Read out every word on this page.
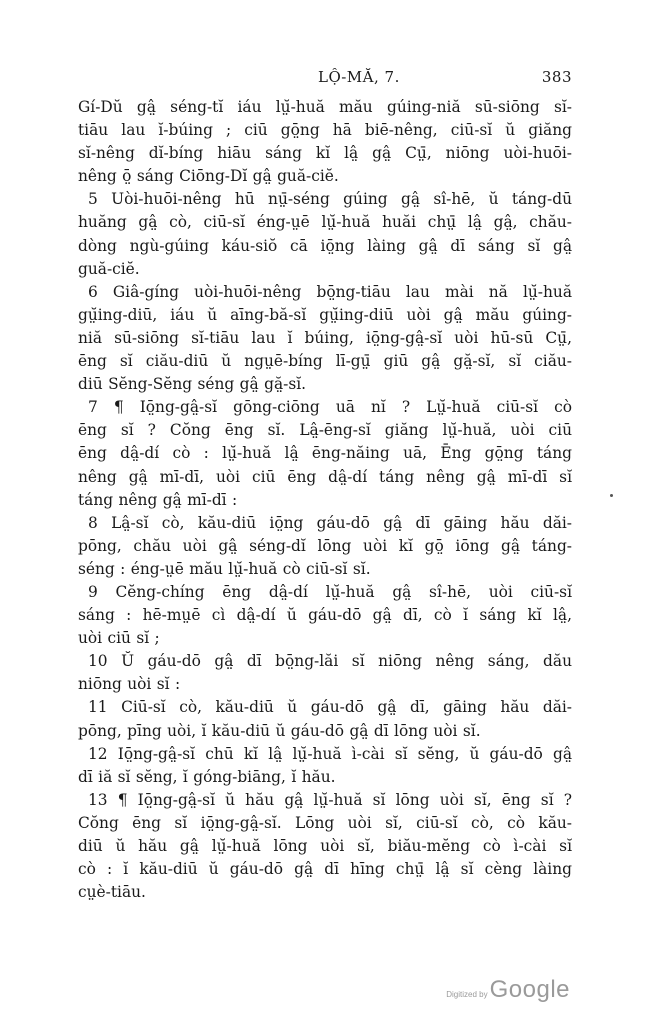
LỘ-MĂ, 7.	383
Gí-Dŭ gâ̤ séng-tĭ iáu lṳ̆-huă mău gúing-niă sū-siōng sĭ-
tiāu lau ĭ-búing ; ciū gō̤ng hā biē-nêng, ciū-sĭ ŭ giăng
sĭ-nêng dĭ-bíng hiāu sáng kĭ lâ̤ gâ̤ Cṳ̄, niōng uòi-huōi-
nêng ō̤ sáng Ciōng-Dĭ gâ̤ guă-ciĕ.
5 Uòi-huōi-nêng hū nṳ̄-séng gúing gâ̤ sî-hē, ŭ táng-dū
huăng gâ̤ cò, ciū-sĭ éng-ṳē lṳ̆-huă huăi chṳ̄ lâ̤ gâ̤, chău-
dòng ngù-gúing káu-siŏ cā iō̤ng làing gâ̤ dī sáng sĭ gâ̤
guă-ciĕ.
6 Giâ-gíng uòi-huōi-nêng bō̤ng-tiāu lau mài nă lṳ̆-huă
gṳ̆ing-diū, iáu ŭ aīng-bă-sĭ gṳ̆ing-diū uòi gâ̤ mău gúing-
niă sū-siōng sĭ-tiāu lau ĭ búing, iō̤ng-gâ̤-sĭ uòi hū-sū Cṳ̄,
ēng sĭ ciău-diū ŭ ngṳē-bíng lī-gṳ̄ giū gâ̤ gă̤-sĭ, sĭ ciău-
diū Sĕng-Sĕng séng gâ̤ gă̤-sĭ.
7 ¶ Iō̤ng-gâ̤-sĭ gōng-ciōng uā nĭ ? Lṳ̆-huă ciū-sĭ cò
ēng sĭ ? Cŏng ēng sĭ. Lâ̤-ēng-sĭ giăng lṳ̆-huă, uòi ciū
ēng dâ̤-dí cò : lṳ̆-huă lâ̤ ēng-năing uā, Ēng gō̤ng táng
nêng gâ̤ mī-dī, uòi ciū ēng dâ̤-dí táng nêng gâ̤ mī-dī sĭ
táng nêng gâ̤ mī-dī :
8 Lâ̤-sĭ cò, kău-diū iō̤ng gáu-dō gâ̤ dī gāing hău dăi-
pōng, chău uòi gâ̤ séng-dĭ lōng uòi kĭ gō̤ iōng gâ̤ táng-
séng : éng-ṳē mău lṳ̆-huă cò ciū-sĭ sĭ.
9 Cĕng-chíng ēng dâ̤-dí lṳ̆-huă gâ̤ sî-hē, uòi ciū-sĭ
sáng : hē-mṳē cì dâ̤-dí ŭ gáu-dō gâ̤ dī, cò ĭ sáng kĭ lâ̤,
uòi ciū sĭ ;
10 Ŭ gáu-dō gâ̤ dī bō̤ng-lăi sĭ niōng nêng sáng, dău
niōng uòi sĭ :
11 Ciū-sĭ cò, kău-diū ŭ gáu-dō gâ̤ dī, gāing hău dăi-
pōng, pīng uòi, ĭ kău-diū ŭ gáu-dō gâ̤ dī lōng uòi sĭ.
12 Iō̤ng-gâ̤-sĭ chū kĭ lâ̤ lṳ̆-huă ì-cài sĭ sĕng, ŭ gáu-dō gâ̤
dī iă sĭ sĕng, ĭ góng-biāng, ĭ hău.
13 ¶ Iō̤ng-gâ̤-sĭ ŭ hău gâ̤ lṳ̆-huă sĭ lōng uòi sĭ, ēng sĭ ?
Cŏng ēng sĭ iō̤ng-gâ̤-sĭ. Lōng uòi sĭ, ciū-sĭ cò, cò kău-
diū ŭ hău gâ̤ lṳ̆-huă lōng uòi sĭ, biău-mĕng cò ì-cài sĭ
cò : ĭ kău-diū ŭ gáu-dō gâ̤ dī hīng chṳ̄ lâ̤ sĭ cèng làing
cṳè-tiāu.
Digitized by Google
